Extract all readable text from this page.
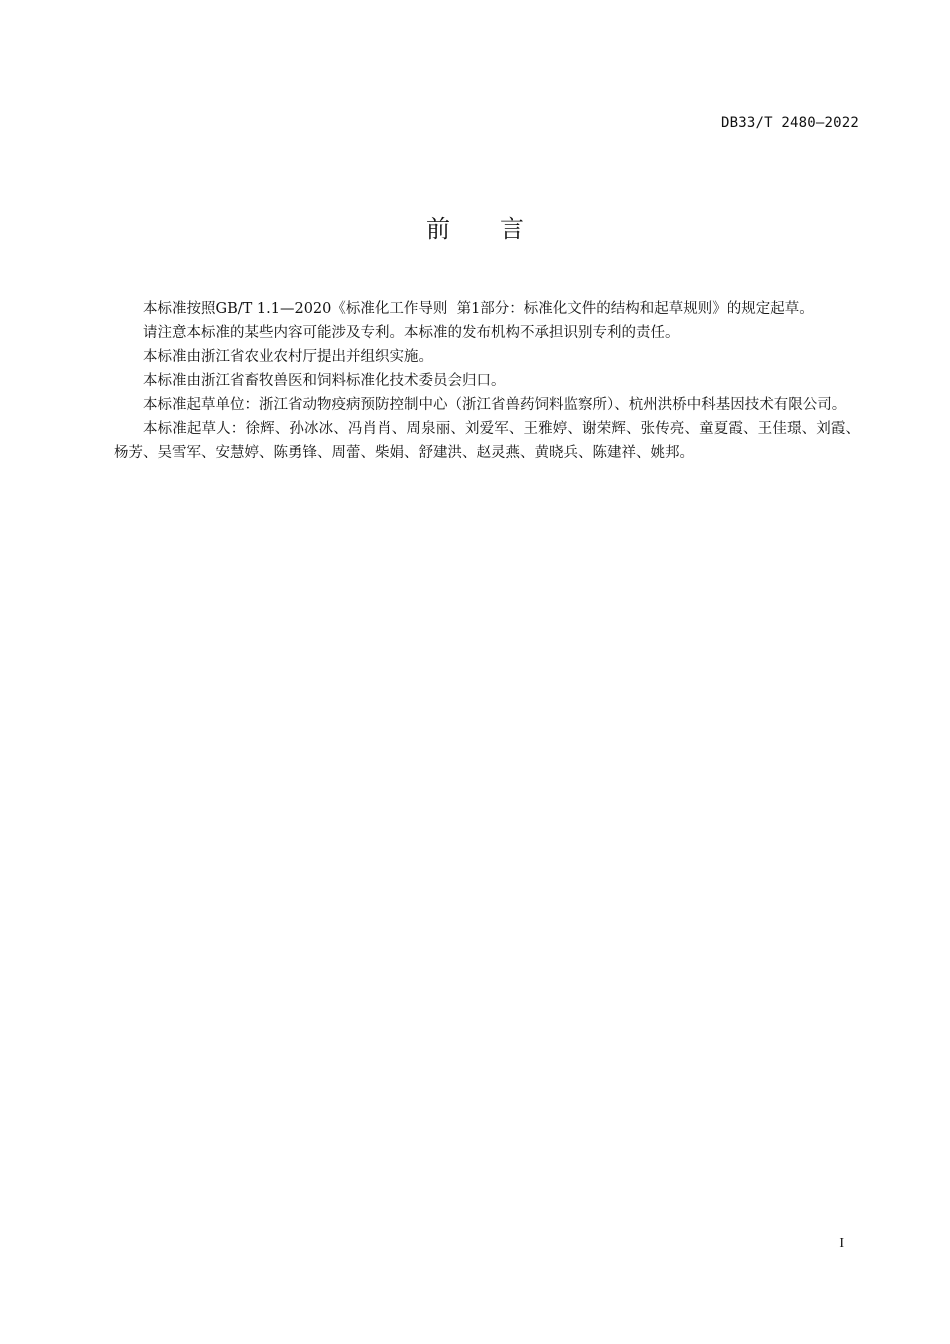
DB33/T 2480—2022
前言

本标准按照GB/T 1.1—2020《标准化工作导则  第1部分：标准化文件的结构和起草规则》的规定起草。

请注意本标准的某些内容可能涉及专利。本标准的发布机构不承担识别专利的责任。

本标准由浙江省农业农村厅提出并组织实施。

本标准由浙江省畜牧兽医和饲料标准化技术委员会归口。

本标准起草单位：浙江省动物疫病预防控制中心（浙江省兽药饲料监察所）、杭州洪桥中科基因技术有限公司。

本标准起草人：徐辉、孙冰冰、冯肖肖、周泉丽、刘爱军、王雅婷、谢荣辉、张传亮、童夏霞、王佳璟、刘霞、杨芳、吴雪军、安慧婷、陈勇锋、周蕾、柴娟、舒建洪、赵灵燕、黄晓兵、陈建祥、姚邦。

I
